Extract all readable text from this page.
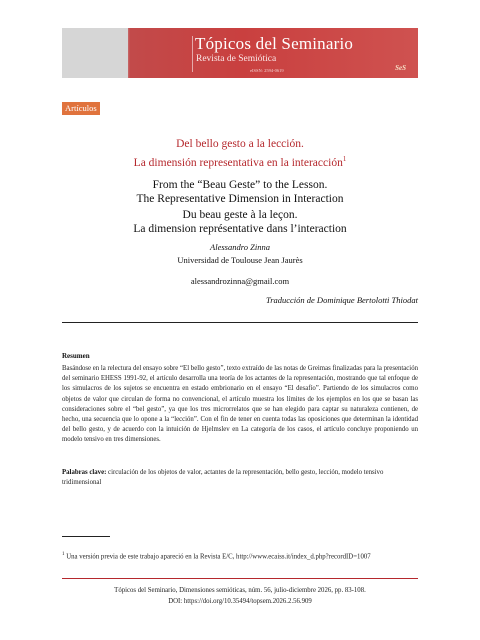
Tópicos del Seminario
Revista de Semiótica
eISSN: 2594-0619	SeS
Artículos
Del bello gesto a la lección.
La dimensión representativa en la interacción$^1$
From the “Beau Geste” to the Lesson.
The Representative Dimension in Interaction
Du beau geste à la leçon.
La dimension représentative dans l’interaction
Alessandro Zinna
Universidad de Toulouse Jean Jaurès
alessandrozinna@gmail.com
Traducción de Dominique Bertolotti Thiodat
Resumen
Basándose en la relectura del ensayo sobre “El bello gesto”, texto extraído de las notas de Greimas finalizadas para la presentación del seminario EHESS 1991-92, el artículo desarrolla una teoría de los actantes de la representación, mostrando que tal enfoque de los simulacros de los sujetos se encuentra en estado embrionario en el ensayo “El desafío”. Partiendo de los simulacros como objetos de valor que circulan de forma no convencional, el artículo muestra los límites de los ejemplos en los que se basan las consideraciones sobre el “bel gesto”, ya que los tres microrrelatos que se han elegido para captar su naturaleza contienen, de hecho, una secuencia que lo opone a la “lección”. Con el fin de tener en cuenta todas las oposiciones que determinan la identidad del bello gesto, y de acuerdo con la intuición de Hjelmslev en La categoría de los casos, el artículo concluye proponiendo un modelo tensivo en tres dimensiones.
Palabras clave: circulación de los objetos de valor, actantes de la representación, bello gesto, lección, modelo tensivo tridimensional
$^1$ Una versión previa de este trabajo apareció en la Revista E/C, http://www.ecaiss.it/index_d.php?recordID=1007
Tópicos del Seminario, Dimensiones semióticas, núm. 56, julio-diciembre 2026, pp. 83-108.
DOI: https://doi.org/10.35494/topsem.2026.2.56.909
